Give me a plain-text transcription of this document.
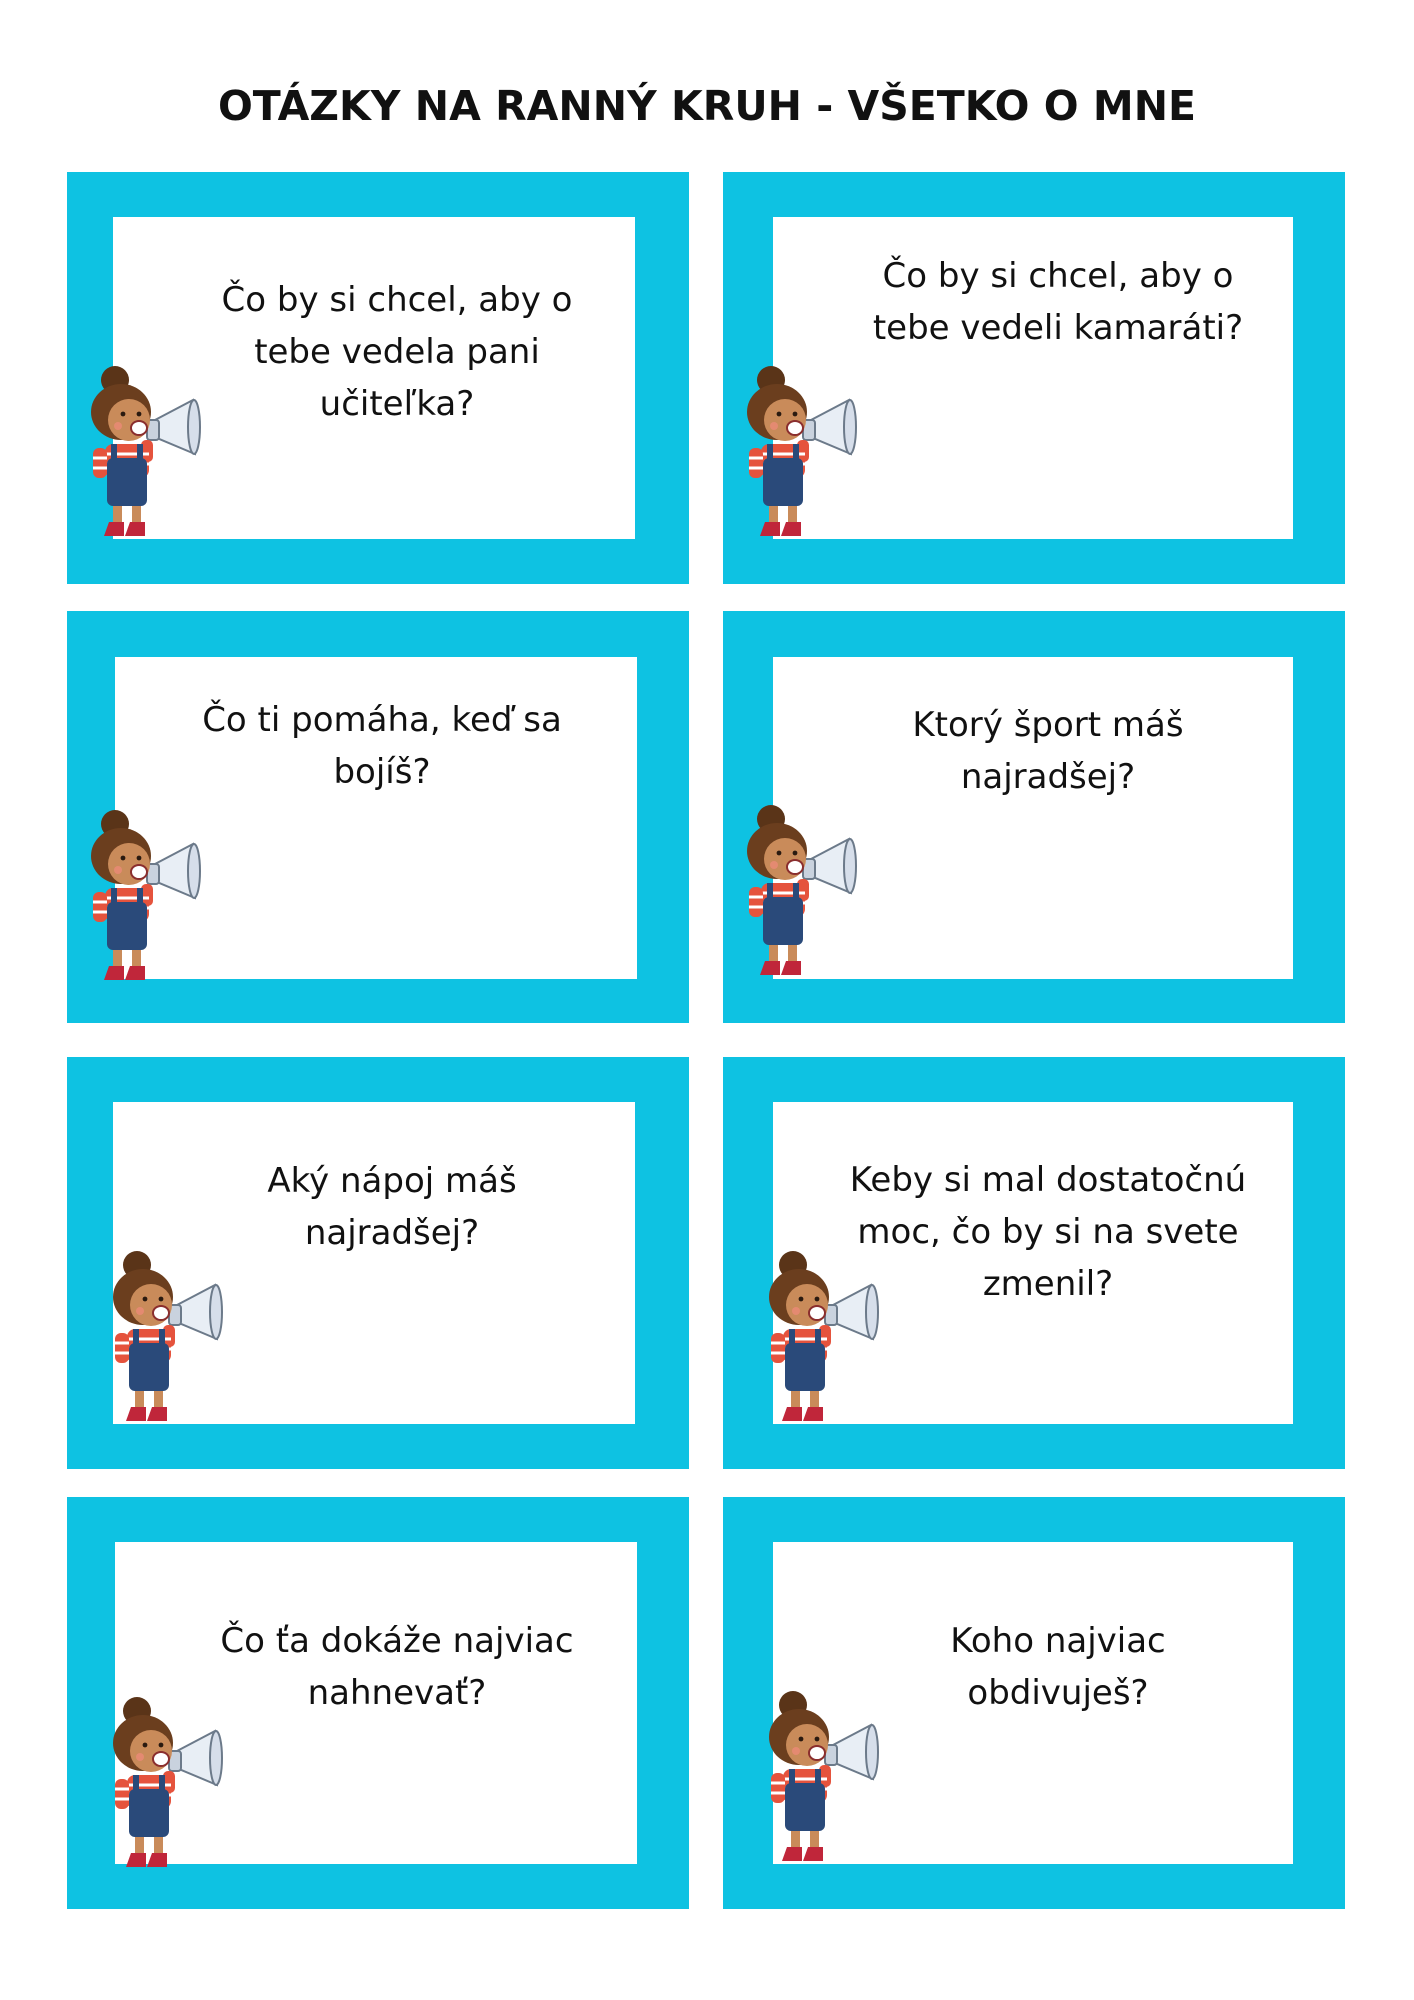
OTÁZKY NA RANNÝ KRUH - VŠETKO O MNE
Čo by si chcel, aby o tebe vedela pani učiteľka?
Čo by si chcel, aby o tebe vedeli kamaráti?
Čo ti pomáha, keď sa bojíš?
Ktorý šport máš najradšej?
Aký nápoj máš najradšej?
Keby si mal dostatočnú moc, čo by si na svete zmenil?
Čo ťa dokáže najviac nahnevať?
Koho najviac obdivuješ?
